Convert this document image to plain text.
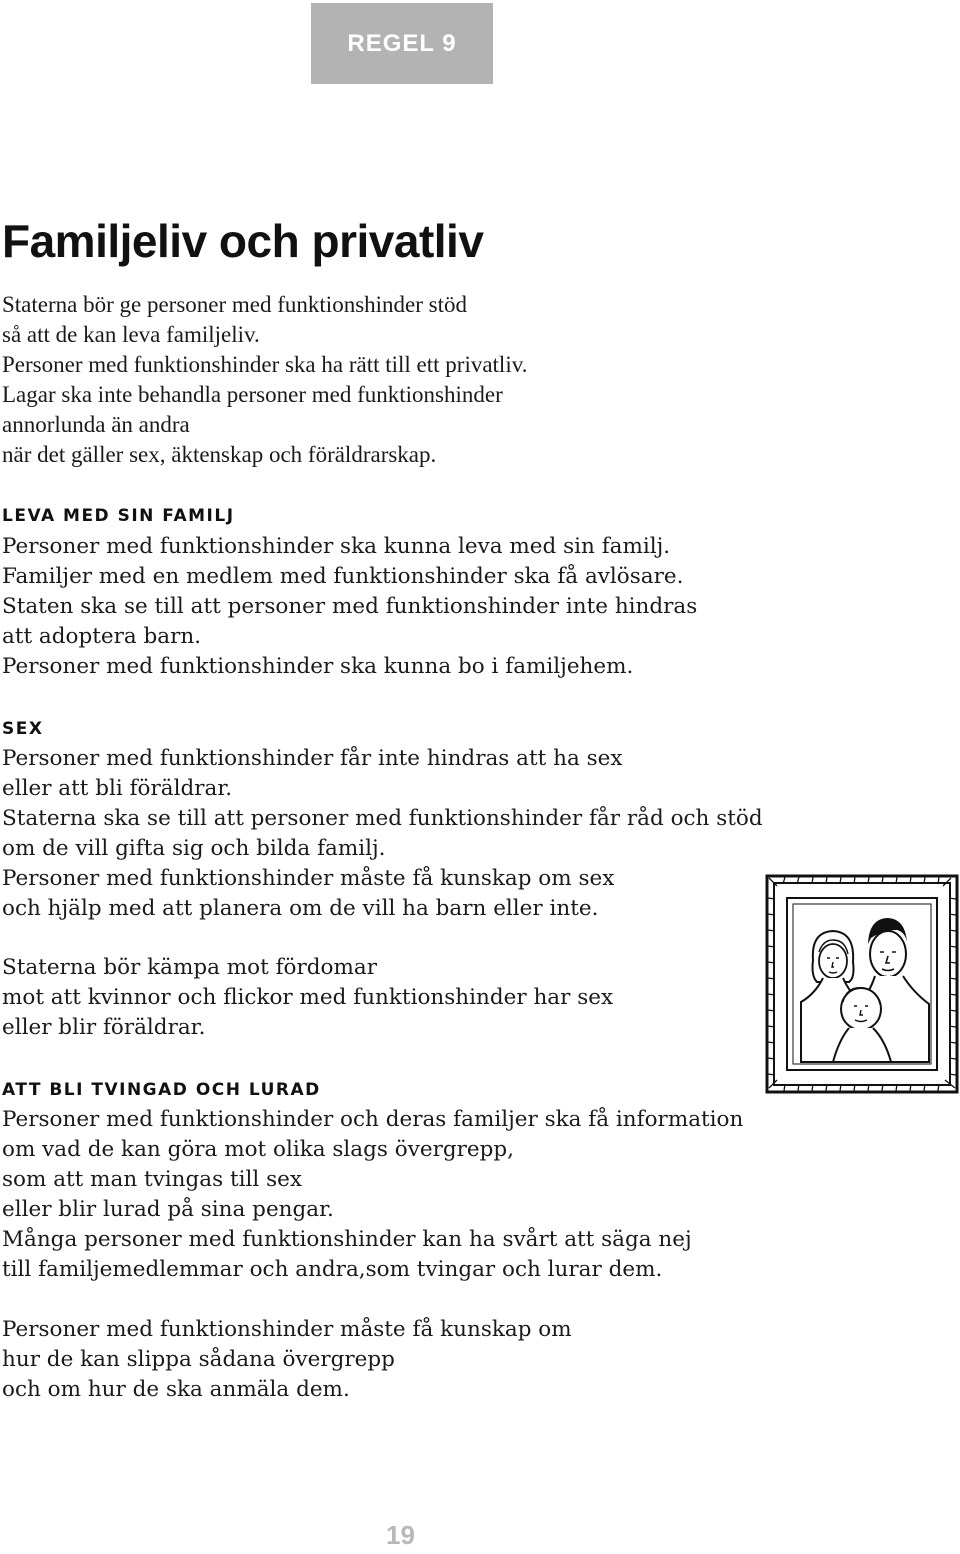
REGEL 9
Familjeliv och privatliv
Staterna bör ge personer med funktionshinder stöd
så att de kan leva familjeliv.
Personer med funktionshinder ska ha rätt till ett privatliv.
Lagar ska inte behandla personer med funktionshinder
annorlunda än andra
när det gäller sex, äktenskap och föräldrarskap.
LEVA MED SIN FAMILJ
Personer med funktionshinder ska kunna leva med sin familj.
Familjer med en medlem med funktionshinder ska få avlösare.
Staten ska se till att personer med funktionshinder inte hindras
att adoptera barn.
Personer med funktionshinder ska kunna bo i familjehem.
SEX
Personer med funktionshinder får inte hindras att ha sex
eller att bli föräldrar.
Staterna ska se till att personer med funktionshinder får råd och stöd
om de vill gifta sig och bilda familj.
Personer med funktionshinder måste få kunskap om sex
och hjälp med att planera om de vill ha barn eller inte.
Staterna bör kämpa mot fördomar
mot att kvinnor och flickor med funktionshinder har sex
eller blir föräldrar.
ATT BLI TVINGAD OCH LURAD
Personer med funktionshinder och deras familjer ska få information
om vad de kan göra mot olika slags övergrepp,
som att man tvingas till sex
eller blir lurad på sina pengar.
Många personer med funktionshinder kan ha svårt att säga nej
till familjemedlemmar och andra,som tvingar och lurar dem.
Personer med funktionshinder måste få kunskap om
hur de kan slippa sådana övergrepp
och om hur de ska anmäla dem.
19
